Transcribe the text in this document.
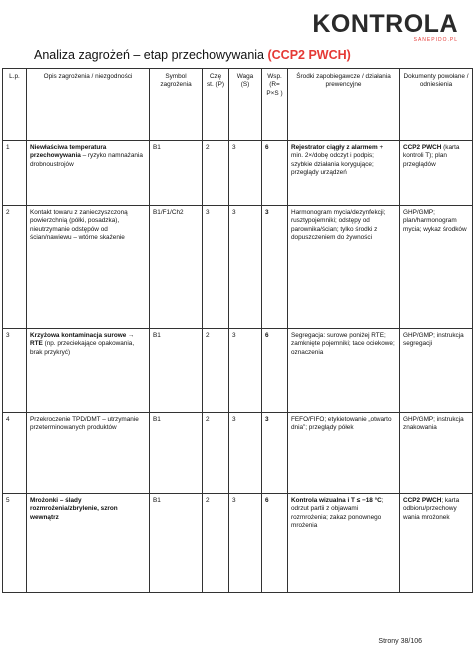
KONTROLA
SANEPIDO.PL
Analiza zagrożeń – etap przechowywania (CCP2 PWCH)
L.p.	Opis zagrożenia / niezgodności	Symbol zagrożenia	Czę st. (P)	Waga (S)	Wsp. (R= P×S )	Środki zapobiegawcze / działania prewencyjne	Dokumenty powołane / odniesienia
1	Niewłaściwa temperatura przechowywania – ryzyko namnażania drobnoustrojów	B1	2	3	6	Rejestrator ciągły z alarmem + min. 2×/dobę odczyt i podpis; szybkie działania korygujące; przeglądy urządzeń	CCP2 PWCH (karta kontroli T); plan przeglądów
2	Kontakt towaru z zanieczyszczoną powierzchnią (półki, posadzka), nieutrzymanie odstępów od ścian/nawiewu – wtórne skażenie	B1/F1/Ch2	3	3	3	Harmonogram mycia/dezynfekcji; rusztypojemniki; odstępy od parownika/ścian; tylko środki z dopuszczeniem do żywności	GHP/GMP; plan/harmonogram mycia; wykaz środków
3	Krzyżowa kontaminacja surowe → RTE (np. przeciekające opakowania, brak przykryć)	B1	2	3	6	Segregacja: surowe poniżej RTE; zamknięte pojemniki; tace ociekowe; oznaczenia	GHP/GMP; instrukcja segregacji
4	Przekroczenie TPD/DMT – utrzymanie przeterminowanych produktów	B1	2	3	3	FEFO/FIFO; etykietowanie „otwarto dnia”; przeglądy półek	GHP/GMP; instrukcja znakowania
5	Mrożonki – ślady rozmrożenia/zbrylenie, szron wewnątrz	B1	2	3	6	Kontrola wizualna i T ≤ −18 °C; odrzut partii z objawami rozmrożenia; zakaz ponownego mrożenia	CCP2 PWCH; karta odbioru/przechowy wania mrożonek
Strony 38/106
